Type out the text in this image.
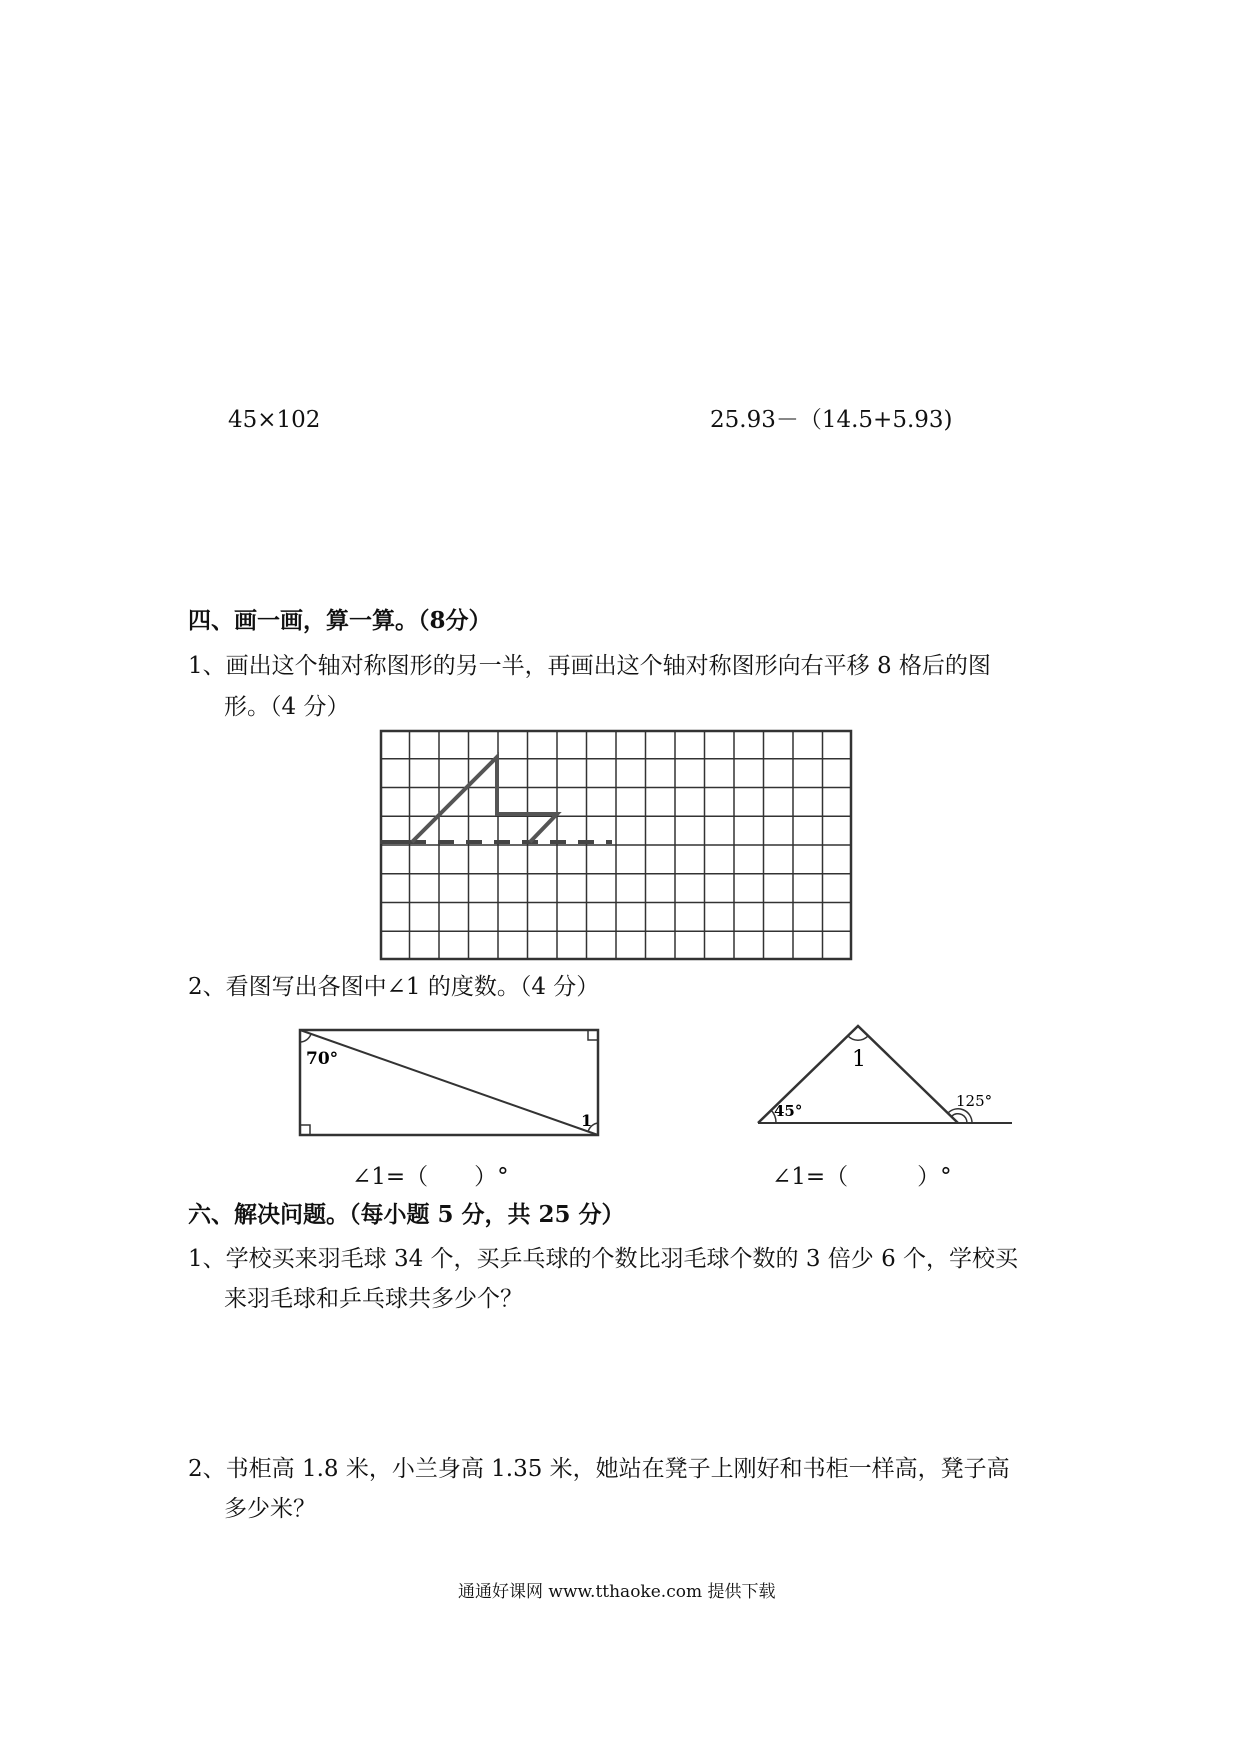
45×102	25.93－（14.5+5.93)
四、画一画，算一算。（8分）
1、画出这个轴对称图形的另一半，再画出这个轴对称图形向右平移 8 格后的图
形。（4 分）
2、看图写出各图中∠1 的度数。（4 分）
70°
1
1
45°
125°
∠1=（　　）°	∠1=（　　　）°
六、解决问题。（每小题 5 分，共 25 分）
1、学校买来羽毛球 34 个，买乒乓球的个数比羽毛球个数的 3 倍少 6 个，学校买
来羽毛球和乒乓球共多少个？
2、书柜高 1.8 米，小兰身高 1.35 米，她站在凳子上刚好和书柜一样高，凳子高
多少米？
通通好课网 www.tthaoke.com 提供下载
